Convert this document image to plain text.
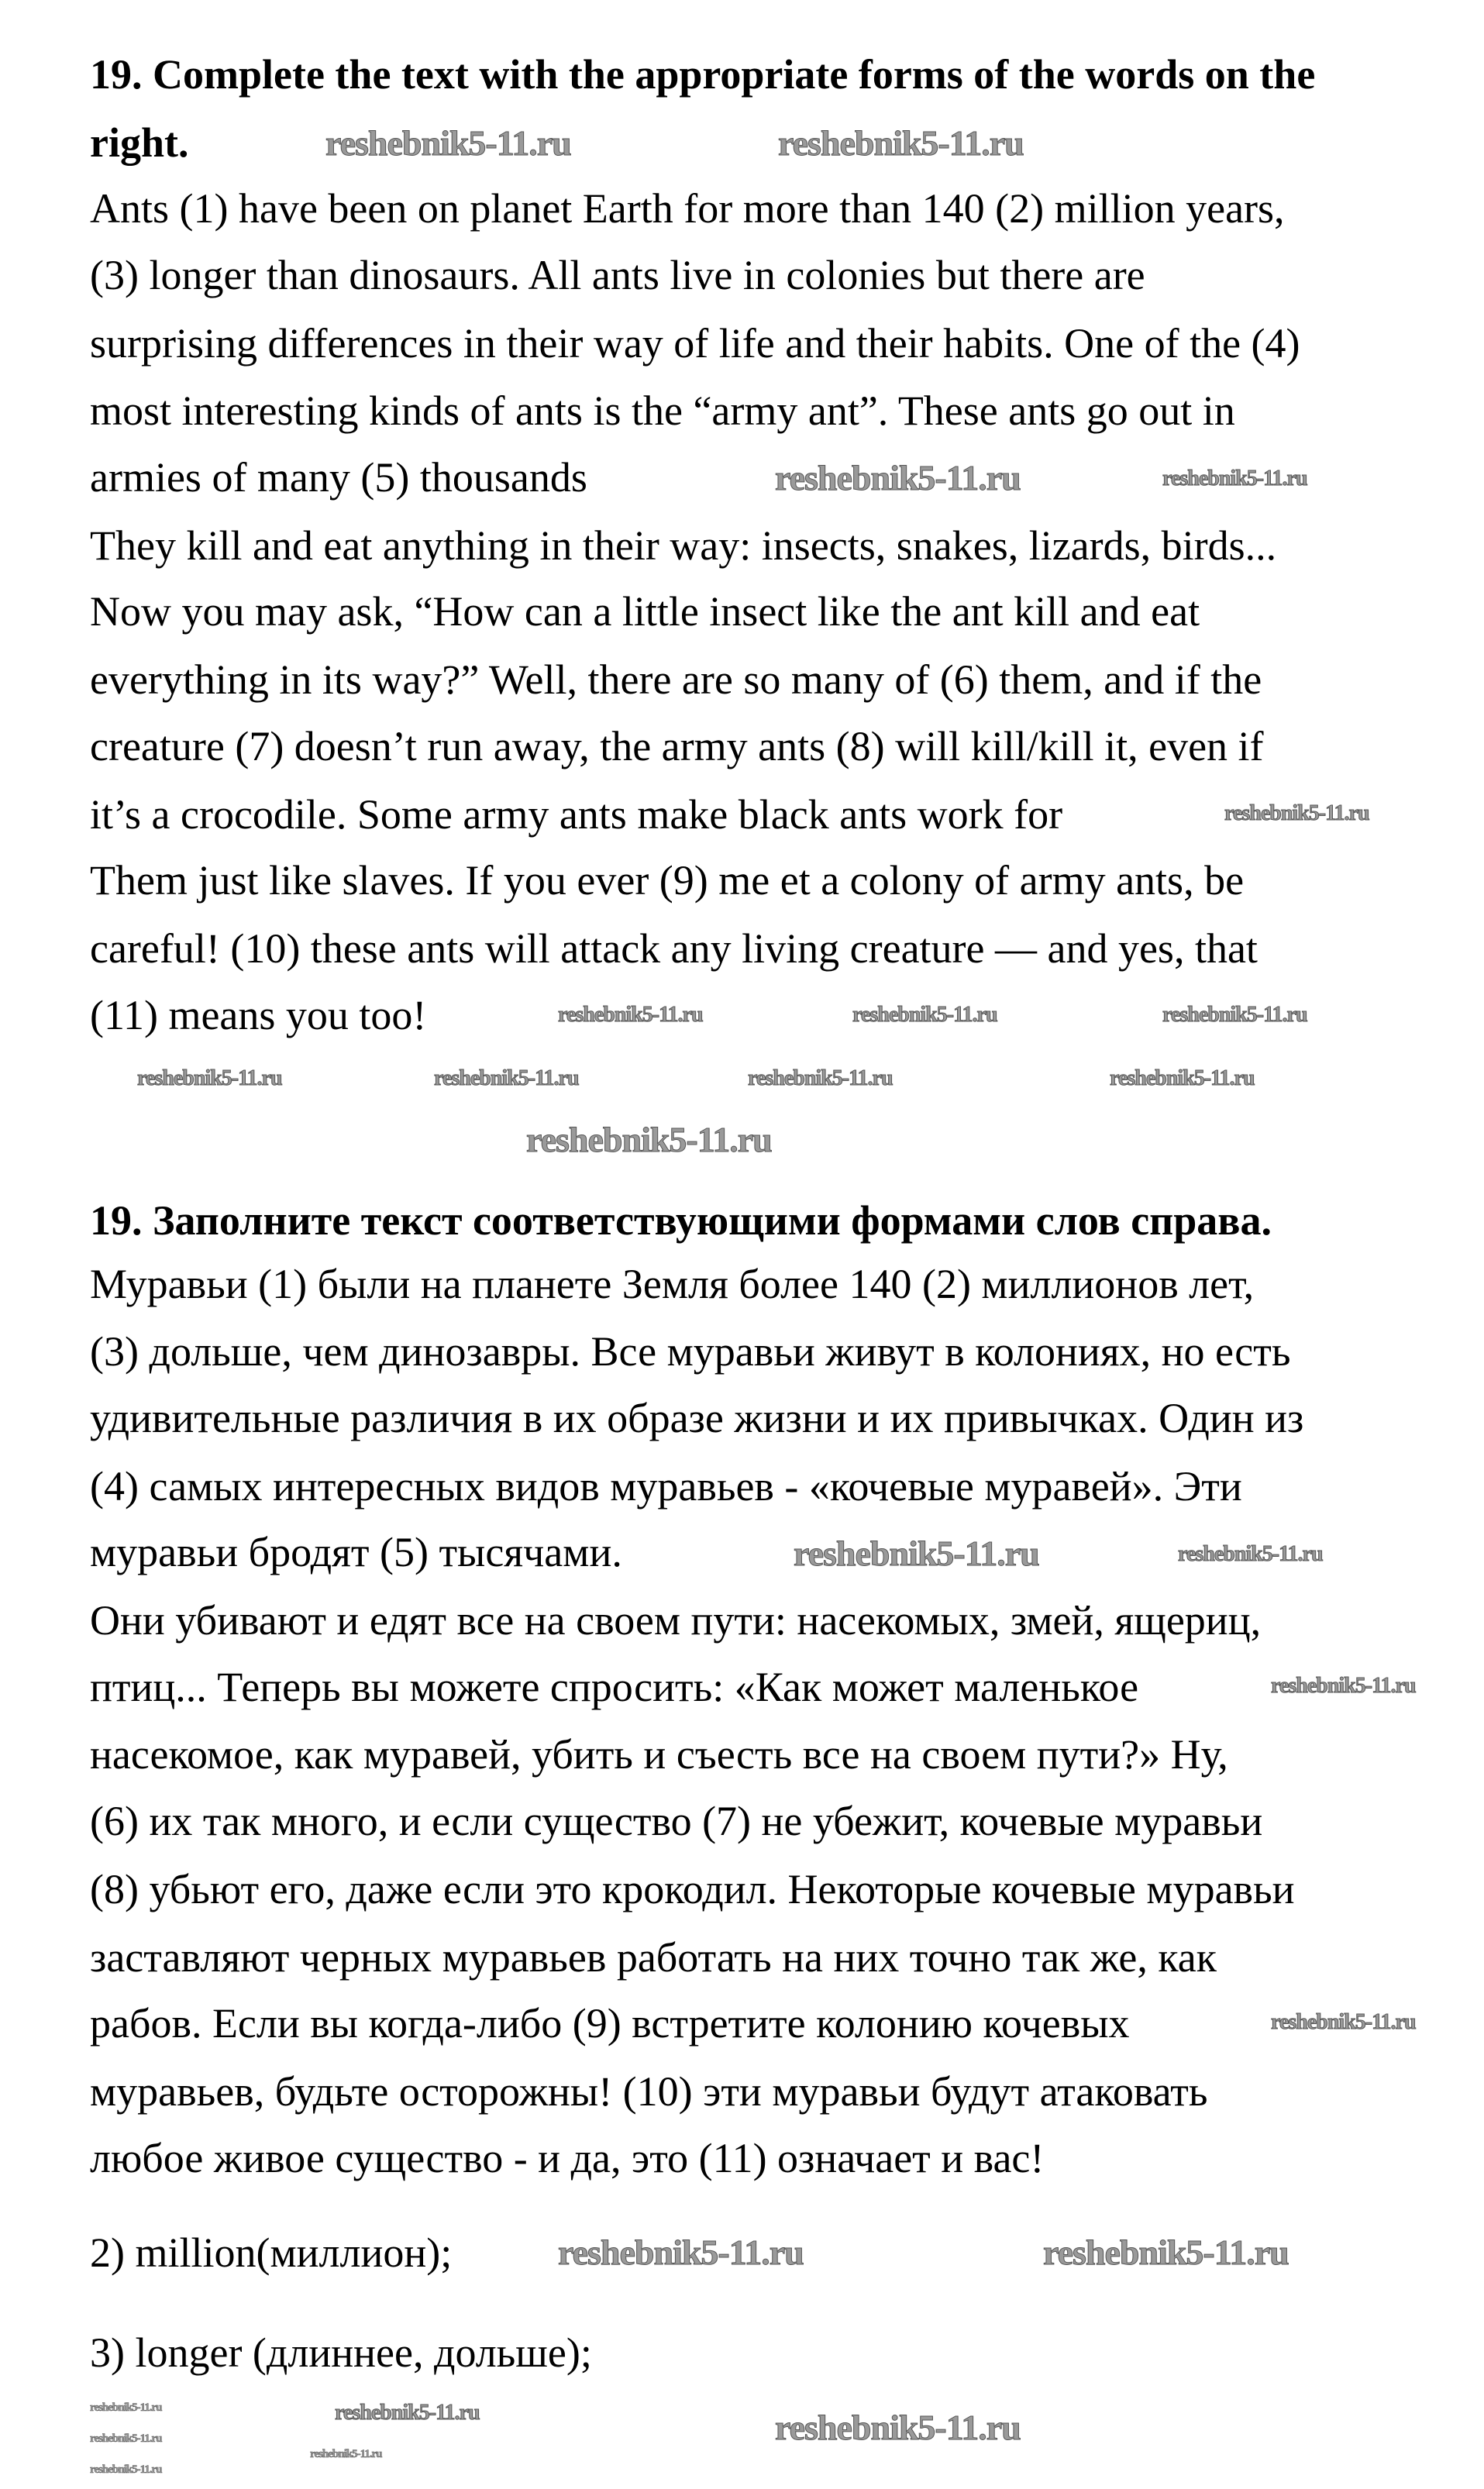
19. Complete the text with the appropriate forms of the words on the
right.
Ants (1) have been on planet Earth for more than 140 (2) million years,
(3) longer than dinosaurs. All ants live in colonies but there are
surprising differences in their way of life and their habits. One of the (4)
most interesting kinds of ants is the “army ant”. These ants go out in
armies of many (5) thousands
They kill and eat anything in their way: insects, snakes, lizards, birds...
Now you may ask, “How can a little insect like the ant kill and eat
everything in its way?” Well, there are so many of (6) them, and if the
creature (7) doesn’t run away, the army ants (8) will kill/kill it, even if
it’s a crocodile. Some army ants make black ants work for
Them just like slaves. If you ever (9) me et a colony of army ants, be
careful! (10) these ants will attack any living creature — and yes, that
(11) means you too!
19. Заполните текст соответствующими формами слов справа.
Муравьи (1) были на планете Земля более 140 (2) миллионов лет,
(3) дольше, чем динозавры. Все муравьи живут в колониях, но есть
удивительные различия в их образе жизни и их привычках. Один из
(4) самых интересных видов муравьев - «кочевые муравей». Эти
муравьи бродят (5) тысячами.
Они убивают и едят все на своем пути: насекомых, змей, ящериц,
птиц... Теперь вы можете спросить: «Как может маленькое
насекомое, как муравей, убить и съесть все на своем пути?» Ну,
(6) их так много, и если существо (7) не убежит, кочевые муравьи
(8) убьют его, даже если это крокодил. Некоторые кочевые муравьи
заставляют черных муравьев работать на них точно так же, как
рабов. Если вы когда-либо (9) встретите колонию кочевых
муравьев, будьте осторожны! (10) эти муравьи будут атаковать
любое живое существо - и да, это (11) означает и вас!
2) million(миллион);
3) longer (длиннее, дольше);
reshebnik5-11.ru	reshebnik5-11.ru
reshebnik5-11.ru	reshebnik5-11.ru
reshebnik5-11.ru
reshebnik5-11.ru	reshebnik5-11.ru	reshebnik5-11.ru
reshebnik5-11.ru	reshebnik5-11.ru	reshebnik5-11.ru	reshebnik5-11.ru
reshebnik5-11.ru
reshebnik5-11.ru	reshebnik5-11.ru
reshebnik5-11.ru
reshebnik5-11.ru
reshebnik5-11.ru	reshebnik5-11.ru
reshebnik5-11.ru	reshebnik5-11.ru	reshebnik5-11.ru
reshebnik5-11.ru
reshebnik5-11.ru
reshebnik5-11.ru
